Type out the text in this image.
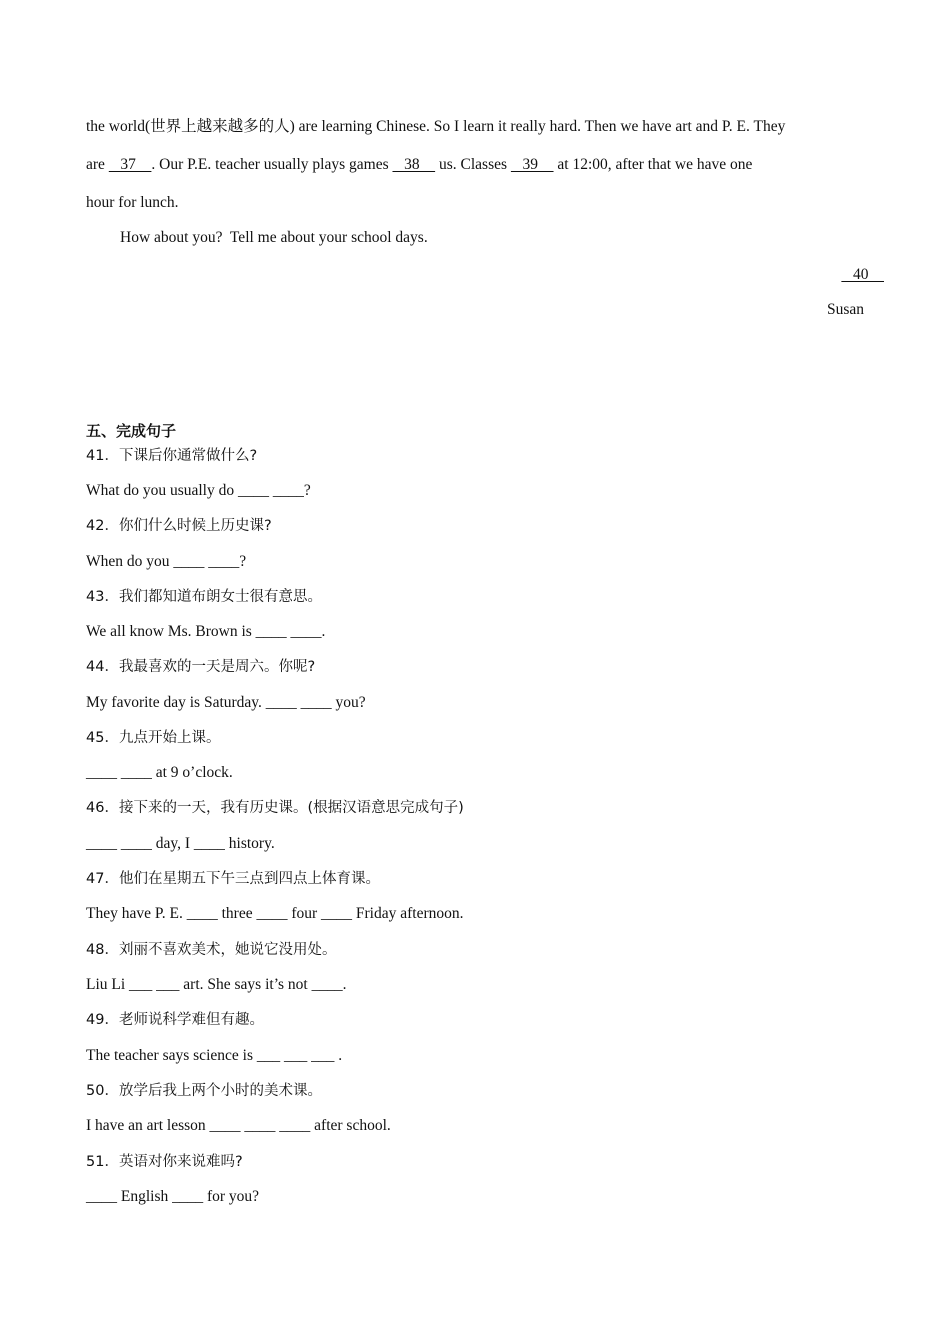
the world(世界上越来越多的人) are learning Chinese. So I learn it really hard. Then we have art and P. E. They
are    37    . Our P.E. teacher usually plays games    38     us. Classes    39     at 12:00, after that we have one
hour for lunch.
How about you?  Tell me about your school days.
40
Susan
五、完成句子
41．下课后你通常做什么?
What do you usually do ____ ____?
42．你们什么时候上历史课?
When do you ____ ____?
43．我们都知道布朗女士很有意思。
We all know Ms. Brown is ____ ____.
44．我最喜欢的一天是周六。你呢?
My favorite day is Saturday. ____ ____ you?
45．九点开始上课。
____ ____ at 9 o’clock.
46．接下来的一天，我有历史课。(根据汉语意思完成句子)
____ ____ day, I ____ history.
47．他们在星期五下午三点到四点上体育课。
They have P. E. ____ three ____ four ____ Friday afternoon.
48．刘丽不喜欢美术，她说它没用处。
Liu Li ___ ___ art. She says it’s not ____.
49．老师说科学难但有趣。
The teacher says science is ___ ___ ___ .
50．放学后我上两个小时的美术课。
I have an art lesson ____ ____ ____ after school.
51．英语对你来说难吗?
____ English ____ for you?
